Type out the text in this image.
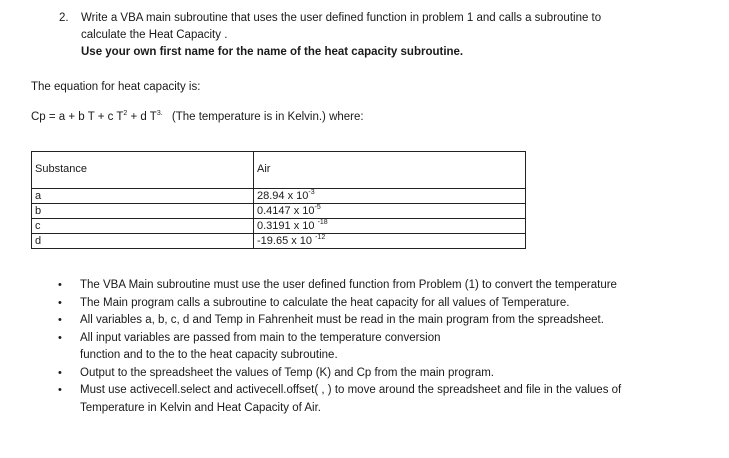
2. Write a VBA main subroutine that uses the user defined function in problem 1 and calls a subroutine to
calculate the Heat Capacity .
Use your own first name for the name of the heat capacity subroutine.
The equation for heat capacity is:
Cp = a + b T + c $T^2 + d$ $T^{3.}$ (The temperature is in Kelvin.) where:
Substance	Air
a	28.94 x $10^{-3}$
b	0.4147 x $10^{-5}$
c	0.3191 x 10 $^{-18}$
d	-19.65 x 10 $^{-12}$
• The VBA Main subroutine must use the user defined function from Problem (1) to convert the temperature
• The Main program calls a subroutine to calculate the heat capacity for all values of Temperature.
• All variables a, b, c, d and Temp in Fahrenheit must be read in the main program from the spreadsheet.
• All input variables are passed from main to the temperature conversion function and to the to the heat capacity subroutine.
• Output to the spreadsheet the values of Temp (K) and Cp from the main program.
• Must use activecell.select and activecell.offset( , ) to move around the spreadsheet and file in the values of Temperature in Kelvin and Heat Capacity of Air.
